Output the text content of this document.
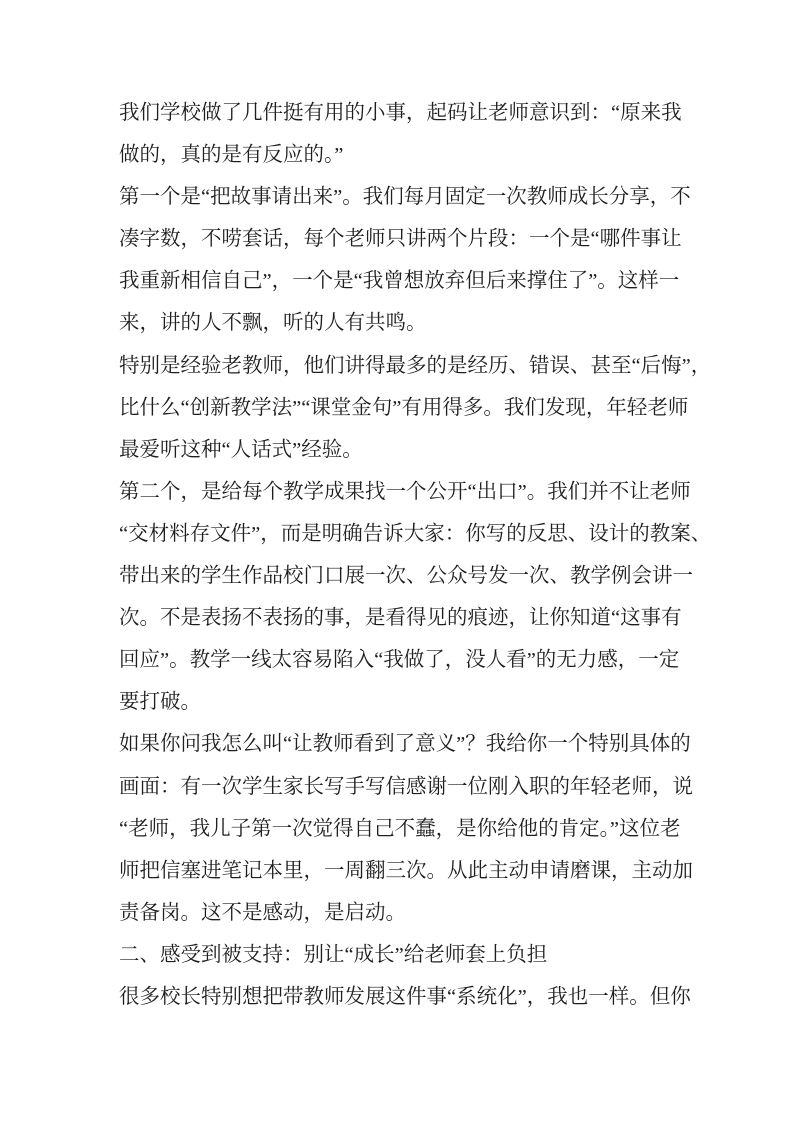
我们学校做了几件挺有用的小事，起码让老师意识到：“原来我
做的，真的是有反应的。”

第一个是“把故事请出来”。我们每月固定一次教师成长分享，不
凑字数，不唠套话，每个老师只讲两个片段：一个是“哪件事让
我重新相信自己”，一个是“我曾想放弃但后来撑住了”。这样一
来，讲的人不飘，听的人有共鸣。

特别是经验老教师，他们讲得最多的是经历、错误、甚至“后悔”，
比什么“创新教学法”“课堂金句”有用得多。我们发现，年轻老师
最爱听这种“人话式”经验。

第二个，是给每个教学成果找一个公开“出口”。我们并不让老师
“交材料存文件”，而是明确告诉大家：你写的反思、设计的教案、
带出来的学生作品校门口展一次、公众号发一次、教学例会讲一
次。不是表扬不表扬的事，是看得见的痕迹，让你知道“这事有
回应”。教学一线太容易陷入“我做了，没人看”的无力感，一定
要打破。

如果你问我怎么叫“让教师看到了意义”？我给你一个特别具体的
画面：有一次学生家长写手写信感谢一位刚入职的年轻老师，说
“老师，我儿子第一次觉得自己不蠢，是你给他的肯定。”这位老
师把信塞进笔记本里，一周翻三次。从此主动申请磨课，主动加
责备岗。这不是感动，是启动。

二、感受到被支持：别让“成长”给老师套上负担

很多校长特别想把带教师发展这件事“系统化”，我也一样。但你
